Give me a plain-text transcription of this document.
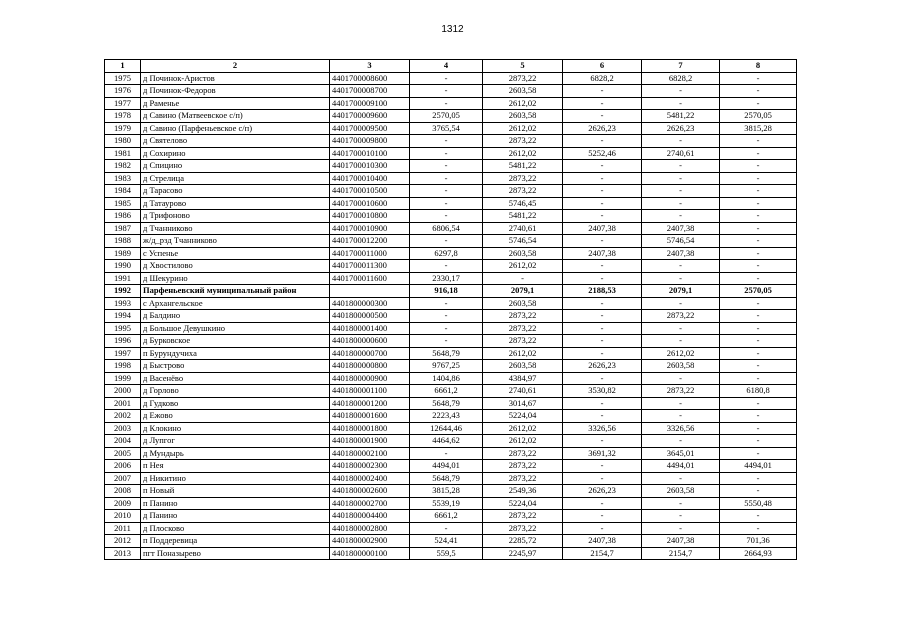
1312
1	2	3	4	5	6	7	8
1975	д Починок-Аристов	4401700008600	-	2873,22	6828,2	6828,2	-
1976	д Починок-Федоров	4401700008700	-	2603,58	-	-	-
1977	д Раменье	4401700009100	-	2612,02	-	-	-
1978	д Савино (Матвеевское с/п)	4401700009600	2570,05	2603,58	-	5481,22	2570,05
1979	д Савино (Парфеньевское с/п)	4401700009500	3765,54	2612,02	2626,23	2626,23	3815,28
1980	д Святелово	4401700009800	-	2873,22	-	-	-
1981	д Сохирино	4401700010100	-	2612,02	5252,46	2740,61	-
1982	д Спицино	4401700010300	-	5481,22	-	-	-
1983	д Стрелица	4401700010400	-	2873,22	-	-	-
1984	д Тарасово	4401700010500	-	2873,22	-	-	-
1985	д Татаурово	4401700010600	-	5746,45	-	-	-
1986	д Трифоново	4401700010800	-	5481,22	-	-	-
1987	д Тчанниково	4401700010900	6806,54	2740,61	2407,38	2407,38	-
1988	ж/д_рзд Тчанниково	4401700012200	-	5746,54	-	5746,54	-
1989	с Успенье	4401700011000	6297,8	2603,58	2407,38	2407,38	-
1990	д Хвостилово	4401700011300	-	2612,02	-	-	-
1991	д Шекурино	4401700011600	2330,17	-	-	-	-
1992	Парфеньевский муниципальный район		916,18	2079,1	2188,53	2079,1	2570,05
1993	с Архангельское	4401800000300	-	2603,58	-	-	-
1994	д Балдино	4401800000500	-	2873,22	-	2873,22	-
1995	д Большое Девушкино	4401800001400	-	2873,22	-	-	-
1996	д Бурковское	4401800000600	-	2873,22	-	-	-
1997	п Бурундучиха	4401800000700	5648,79	2612,02	-	2612,02	-
1998	д Быстрово	4401800000800	9767,25	2603,58	2626,23	2603,58	-
1999	д Васенёво	4401800000900	1404,86	4384,97	-	-	-
2000	д Горлово	4401800001100	6661,2	2740,61	3530,82	2873,22	6180,8
2001	д Гудково	4401800001200	5648,79	3014,67	-	-	-
2002	д Ежово	4401800001600	2223,43	5224,04	-	-	-
2003	д Клокино	4401800001800	12644,46	2612,02	3326,56	3326,56	-
2004	д Лупгог	4401800001900	4464,62	2612,02	-	-	-
2005	д Мундырь	4401800002100	-	2873,22	3691,32	3645,01	-
2006	п Нея	4401800002300	4494,01	2873,22	-	4494,01	4494,01
2007	д Никитино	4401800002400	5648,79	2873,22	-	-	-
2008	п Новый	4401800002600	3815,28	2549,36	2626,23	2603,58	-
2009	п Панино	4401800002700	5539,19	5224,04	-	-	5550,48
2010	д Панино	4401800004400	6661,2	2873,22	-	-	-
2011	д Плосково	4401800002800	-	2873,22	-	-	-
2012	п Поддеревица	4401800002900	524,41	2285,72	2407,38	2407,38	701,36
2013	пгт Поназырево	4401800000100	559,5	2245,97	2154,7	2154,7	2664,93
